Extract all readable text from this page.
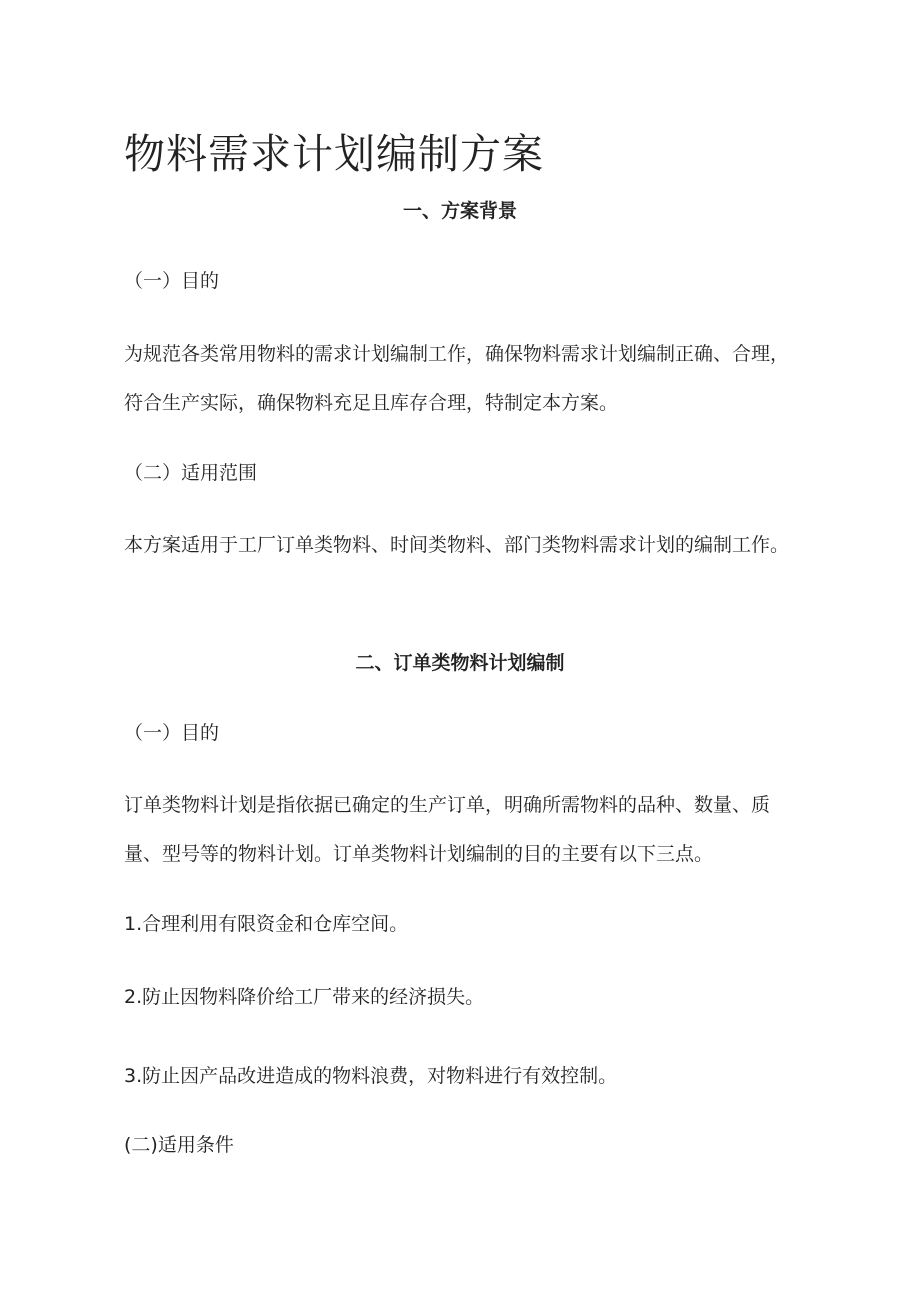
物料需求计划编制方案
一、方案背景

（一）目的

为规范各类常用物料的需求计划编制工作，确保物料需求计划编制正确、合理，符合生产实际，确保物料充足且库存合理，特制定本方案。

（二）适用范围

本方案适用于工厂订单类物料、时间类物料、部门类物料需求计划的编制工作。

二、订单类物料计划编制

（一）目的

订单类物料计划是指依据已确定的生产订单，明确所需物料的品种、数量、质量、型号等的物料计划。订单类物料计划编制的目的主要有以下三点。

1.合理利用有限资金和仓库空间。

2.防止因物料降价给工厂带来的经济损失。

3.防止因产品改进造成的物料浪费，对物料进行有效控制。

(二)适用条件
